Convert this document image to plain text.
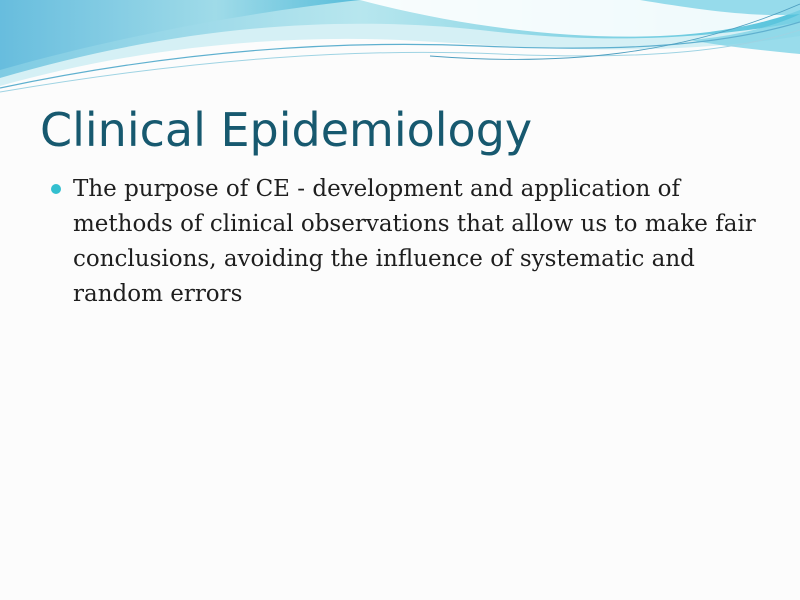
Clinical Epidemiology
The purpose of CE - development and application of methods of clinical observations that allow us to make fair conclusions, avoiding the influence of systematic and random errors
